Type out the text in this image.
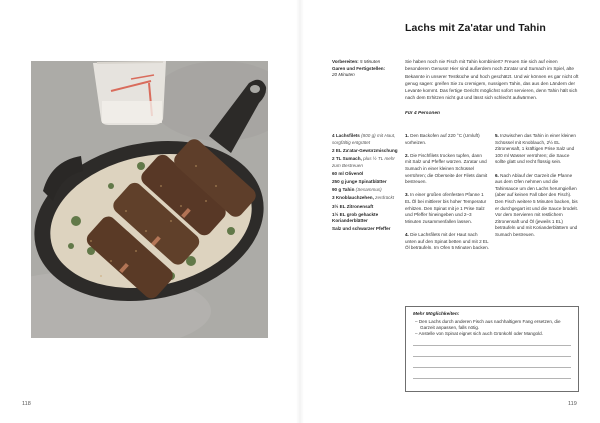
118
Lachs mit Za'atar und Tahin
Vorbereiten: 5 Minuten
Garen und Fertigstellen:
20 Minuten
Sie haben noch nie Fisch mit Tahin kombiniert? Freuen Sie sich auf einen besonderen Genuss! Hier sind außerdem noch Za'atar und Sumach im Spiel, alte Bekannte in unserer Testküche und hoch geschätzt. Und wir können es gar nicht oft genug sagen: greifen Sie zu cremigem, nussigem Tahin, das aus den Ländern der Levante kommt. Das fertige Gericht möglichst sofort servieren, denn Tahin hält sich nach dem Erhitzen nicht gut und lässt sich schlecht aufwärmen.
Für 4 Personen
4 Lachsfilets (800 g) mit Haut, sorgfältig entgrätet
2 EL Za'atar-Gewürzmischung
2 TL Sumach, plus ½ TL mehr zum Bestreuen
60 ml Olivenöl
250 g junge Spinatblätter
90 g Tahin (Sesammus)
3 Knoblauchzehen, zerdrückt
3½ EL Zitronensaft
1½ EL grob gehackte Korianderblätter
Salz und schwarzer Pfeffer
1. Den Backofen auf 220 °C (Umluft) vorheizen.
2. Die Fischfilets trocken tupfen, dann mit Salz und Pfeffer würzen. Za'atar und Sumach in einer kleinen Schüssel verrühren; die Oberseite der Filets damit bestreuen.
3. In einer großen ofenfesten Pfanne 1 EL Öl bei mittlerer bis hoher Temperatur erhitzen. Den Spinat mit je 1 Prise Salz und Pfeffer hineingeben und 2–3 Minuten zusammenfallen lassen.
4. Die Lachsfilets mit der Haut nach unten auf den Spinat betten und mit 2 EL Öl beträufeln. Im Ofen 5 Minuten backen.
5. Inzwischen das Tahin in einer kleinen Schüssel mit Knoblauch, 2½ EL Zitronensaft, 1 kräftigen Prise Salz und 100 ml Wasser verrühren; die Sauce sollte glatt und recht flüssig sein.
6. Nach Ablauf der Garzeit die Pfanne aus dem Ofen nehmen und die Tahinsauce um den Lachs herumgießen (aber auf keinen Fall über den Fisch). Den Fisch weitere 5 Minuten backen, bis er durchgegart ist und die Sauce brodelt. Vor dem Servieren mit restlichem Zitronensaft und Öl (jeweils 1 EL) beträufeln und mit Korianderblättern und Sumach bestreuen.
Mehr Möglichkeiten:
– Den Lachs durch anderen Fisch aus nachhaltigem Fang ersetzen, die Garzeit anpassen, falls nötig.
– Anstelle von Spinat eignet sich auch Grünkohl oder Mangold.
119
